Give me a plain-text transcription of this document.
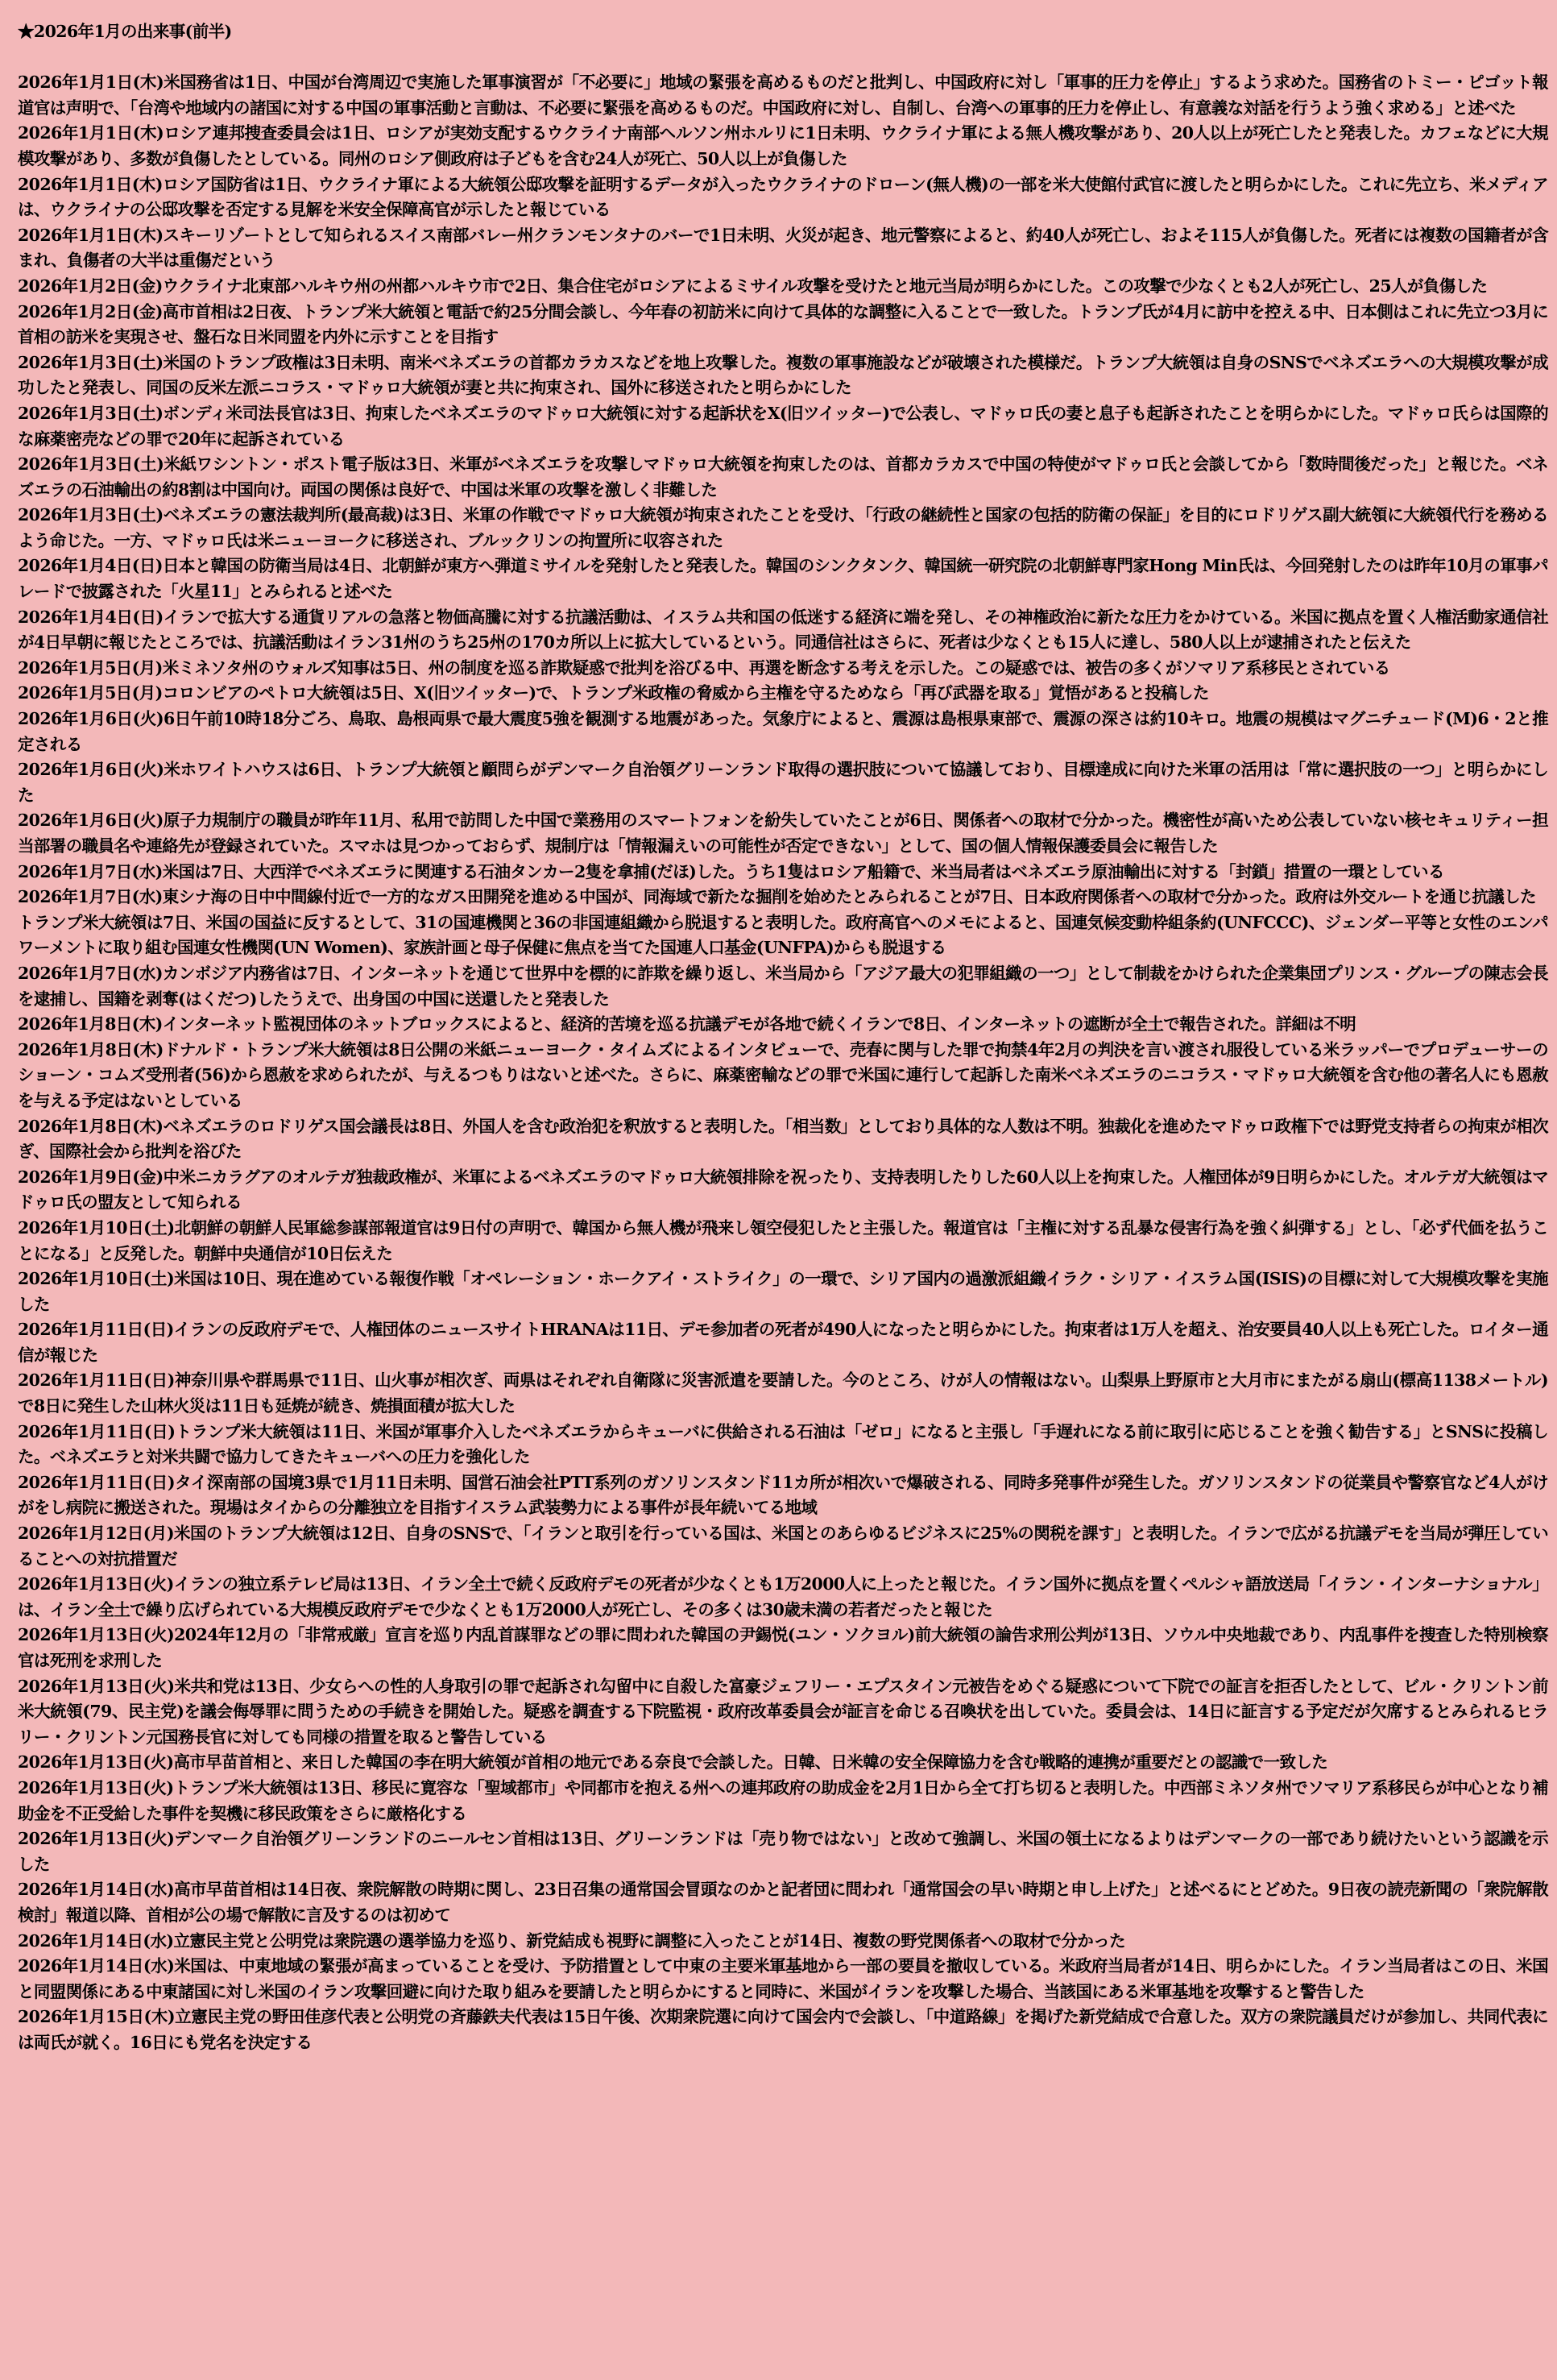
★2026年1月の出来事(前半)
2026年1月1日(木)米国務省は1日、中国が台湾周辺で実施した軍事演習が「不必要に」地域の緊張を高めるものだと批判し、中国政府に対し「軍事的圧力を停止」するよう求めた。国務省のトミー・ピゴット報道官は声明で、「台湾や地域内の諸国に対する中国の軍事活動と言動は、不必要に緊張を高めるものだ。中国政府に対し、自制し、台湾への軍事的圧力を停止し、有意義な対話を行うよう強く求める」と述べた
2026年1月1日(木)ロシア連邦捜査委員会は1日、ロシアが実効支配するウクライナ南部ヘルソン州ホルリに1日未明、ウクライナ軍による無人機攻撃があり、20人以上が死亡したと発表した。カフェなどに大規模攻撃があり、多数が負傷したとしている。同州のロシア側政府は子どもを含む24人が死亡、50人以上が負傷した
2026年1月1日(木)ロシア国防省は1日、ウクライナ軍による大統領公邸攻撃を証明するデータが入ったウクライナのドローン(無人機)の一部を米大使館付武官に渡したと明らかにした。これに先立ち、米メディアは、ウクライナの公邸攻撃を否定する見解を米安全保障高官が示したと報じている
2026年1月1日(木)スキーリゾートとして知られるスイス南部バレー州クランモンタナのバーで1日未明、火災が起き、地元警察によると、約40人が死亡し、およそ115人が負傷した。死者には複数の国籍者が含まれ、負傷者の大半は重傷だという
2026年1月2日(金)ウクライナ北東部ハルキウ州の州都ハルキウ市で2日、集合住宅がロシアによるミサイル攻撃を受けたと地元当局が明らかにした。この攻撃で少なくとも2人が死亡し、25人が負傷した
2026年1月2日(金)高市首相は2日夜、トランプ米大統領と電話で約25分間会談し、今年春の初訪米に向けて具体的な調整に入ることで一致した。トランプ氏が4月に訪中を控える中、日本側はこれに先立つ3月に首相の訪米を実現させ、盤石な日米同盟を内外に示すことを目指す
2026年1月3日(土)米国のトランプ政権は3日未明、南米ベネズエラの首都カラカスなどを地上攻撃した。複数の軍事施設などが破壊された模様だ。トランプ大統領は自身のSNSでベネズエラへの大規模攻撃が成功したと発表し、同国の反米左派ニコラス・マドゥロ大統領が妻と共に拘束され、国外に移送されたと明らかにした
2026年1月3日(土)ボンディ米司法長官は3日、拘束したベネズエラのマドゥロ大統領に対する起訴状をX(旧ツイッター)で公表し、マドゥロ氏の妻と息子も起訴されたことを明らかにした。マドゥロ氏らは国際的な麻薬密売などの罪で20年に起訴されている
2026年1月3日(土)米紙ワシントン・ポスト電子版は3日、米軍がベネズエラを攻撃しマドゥロ大統領を拘束したのは、首都カラカスで中国の特使がマドゥロ氏と会談してから「数時間後だった」と報じた。ベネズエラの石油輸出の約8割は中国向け。両国の関係は良好で、中国は米軍の攻撃を激しく非難した
2026年1月3日(土)ベネズエラの憲法裁判所(最高裁)は3日、米軍の作戦でマドゥロ大統領が拘束されたことを受け、「行政の継続性と国家の包括的防衛の保証」を目的にロドリゲス副大統領に大統領代行を務めるよう命じた。一方、マドゥロ氏は米ニューヨークに移送され、ブルックリンの拘置所に収容された
2026年1月4日(日)日本と韓国の防衛当局は4日、北朝鮮が東方へ弾道ミサイルを発射したと発表した。韓国のシンクタンク、韓国統一研究院の北朝鮮専門家Hong Min氏は、今回発射したのは昨年10月の軍事パレードで披露された「火星11」とみられると述べた
2026年1月4日(日)イランで拡大する通貨リアルの急落と物価高騰に対する抗議活動は、イスラム共和国の低迷する経済に端を発し、その神権政治に新たな圧力をかけている。米国に拠点を置く人権活動家通信社が4日早朝に報じたところでは、抗議活動はイラン31州のうち25州の170カ所以上に拡大しているという。同通信社はさらに、死者は少なくとも15人に達し、580人以上が逮捕されたと伝えた
2026年1月5日(月)米ミネソタ州のウォルズ知事は5日、州の制度を巡る詐欺疑惑で批判を浴びる中、再選を断念する考えを示した。この疑惑では、被告の多くがソマリア系移民とされている
2026年1月5日(月)コロンビアのペトロ大統領は5日、X(旧ツイッター)で、トランプ米政権の脅威から主権を守るためなら「再び武器を取る」覚悟があると投稿した
2026年1月6日(火)6日午前10時18分ごろ、鳥取、島根両県で最大震度5強を観測する地震があった。気象庁によると、震源は島根県東部で、震源の深さは約10キロ。地震の規模はマグニチュード(M)6・2と推定される
2026年1月6日(火)米ホワイトハウスは6日、トランプ大統領と顧問らがデンマーク自治領グリーンランド取得の選択肢について協議しており、目標達成に向けた米軍の活用は「常に選択肢の一つ」と明らかにした
2026年1月6日(火)原子力規制庁の職員が昨年11月、私用で訪問した中国で業務用のスマートフォンを紛失していたことが6日、関係者への取材で分かった。機密性が高いため公表していない核セキュリティー担当部署の職員名や連絡先が登録されていた。スマホは見つかっておらず、規制庁は「情報漏えいの可能性が否定できない」として、国の個人情報保護委員会に報告した
2026年1月7日(水)米国は7日、大西洋でベネズエラに関連する石油タンカー2隻を拿捕(だほ)した。うち1隻はロシア船籍で、米当局者はベネズエラ原油輸出に対する「封鎖」措置の一環としている
2026年1月7日(水)東シナ海の日中中間線付近で一方的なガス田開発を進める中国が、同海域で新たな掘削を始めたとみられることが7日、日本政府関係者への取材で分かった。政府は外交ルートを通じ抗議した
トランプ米大統領は7日、米国の国益に反するとして、31の国連機関と36の非国連組織から脱退すると表明した。政府高官へのメモによると、国連気候変動枠組条約(UNFCCC)、ジェンダー平等と女性のエンパワーメントに取り組む国連女性機関(UN Women)、家族計画と母子保健に焦点を当てた国連人口基金(UNFPA)からも脱退する
2026年1月7日(水)カンボジア内務省は7日、インターネットを通じて世界中を標的に詐欺を繰り返し、米当局から「アジア最大の犯罪組織の一つ」として制裁をかけられた企業集団プリンス・グループの陳志会長を逮捕し、国籍を剥奪(はくだつ)したうえで、出身国の中国に送還したと発表した
2026年1月8日(木)インターネット監視団体のネットブロックスによると、経済的苦境を巡る抗議デモが各地で続くイランで8日、インターネットの遮断が全土で報告された。詳細は不明
2026年1月8日(木)ドナルド・トランプ米大統領は8日公開の米紙ニューヨーク・タイムズによるインタビューで、売春に関与した罪で拘禁4年2月の判決を言い渡され服役している米ラッパーでプロデューサーのショーン・コムズ受刑者(56)から恩赦を求められたが、与えるつもりはないと述べた。さらに、麻薬密輸などの罪で米国に連行して起訴した南米ベネズエラのニコラス・マドゥロ大統領を含む他の著名人にも恩赦を与える予定はないとしている
2026年1月8日(木)ベネズエラのロドリゲス国会議長は8日、外国人を含む政治犯を釈放すると表明した。「相当数」としており具体的な人数は不明。独裁化を進めたマドゥロ政権下では野党支持者らの拘束が相次ぎ、国際社会から批判を浴びた
2026年1月9日(金)中米ニカラグアのオルテガ独裁政権が、米軍によるベネズエラのマドゥロ大統領排除を祝ったり、支持表明したりした60人以上を拘束した。人権団体が9日明らかにした。オルテガ大統領はマドゥロ氏の盟友として知られる
2026年1月10日(土)北朝鮮の朝鮮人民軍総参謀部報道官は9日付の声明で、韓国から無人機が飛来し領空侵犯したと主張した。報道官は「主権に対する乱暴な侵害行為を強く糾弾する」とし、「必ず代価を払うことになる」と反発した。朝鮮中央通信が10日伝えた
2026年1月10日(土)米国は10日、現在進めている報復作戦「オペレーション・ホークアイ・ストライク」の一環で、シリア国内の過激派組織イラク・シリア・イスラム国(ISIS)の目標に対して大規模攻撃を実施した
2026年1月11日(日)イランの反政府デモで、人権団体のニュースサイトHRANAは11日、デモ参加者の死者が490人になったと明らかにした。拘束者は1万人を超え、治安要員40人以上も死亡した。ロイター通信が報じた
2026年1月11日(日)神奈川県や群馬県で11日、山火事が相次ぎ、両県はそれぞれ自衛隊に災害派遣を要請した。今のところ、けが人の情報はない。山梨県上野原市と大月市にまたがる扇山(標高1138メートル)で8日に発生した山林火災は11日も延焼が続き、焼損面積が拡大した
2026年1月11日(日)トランプ米大統領は11日、米国が軍事介入したベネズエラからキューバに供給される石油は「ゼロ」になると主張し「手遅れになる前に取引に応じることを強く勧告する」とSNSに投稿した。ベネズエラと対米共闘で協力してきたキューバへの圧力を強化した
2026年1月11日(日)タイ深南部の国境3県で1月11日未明、国営石油会社PTT系列のガソリンスタンド11カ所が相次いで爆破される、同時多発事件が発生した。ガソリンスタンドの従業員や警察官など4人がけがをし病院に搬送された。現場はタイからの分離独立を目指すイスラム武装勢力による事件が長年続いてる地域
2026年1月12日(月)米国のトランプ大統領は12日、自身のSNSで、「イランと取引を行っている国は、米国とのあらゆるビジネスに25%の関税を課す」と表明した。イランで広がる抗議デモを当局が弾圧していることへの対抗措置だ
2026年1月13日(火)イランの独立系テレビ局は13日、イラン全土で続く反政府デモの死者が少なくとも1万2000人に上ったと報じた。イラン国外に拠点を置くペルシャ語放送局「イラン・インターナショナル」は、イラン全土で繰り広げられている大規模反政府デモで少なくとも1万2000人が死亡し、その多くは30歳未満の若者だったと報じた
2026年1月13日(火)2024年12月の「非常戒厳」宣言を巡り内乱首謀罪などの罪に問われた韓国の尹錫悦(ユン・ソクヨル)前大統領の論告求刑公判が13日、ソウル中央地裁であり、内乱事件を捜査した特別検察官は死刑を求刑した
2026年1月13日(火)米共和党は13日、少女らへの性的人身取引の罪で起訴され勾留中に自殺した富豪ジェフリー・エプスタイン元被告をめぐる疑惑について下院での証言を拒否したとして、ビル・クリントン前米大統領(79、民主党)を議会侮辱罪に問うための手続きを開始した。疑惑を調査する下院監視・政府改革委員会が証言を命じる召喚状を出していた。委員会は、14日に証言する予定だが欠席するとみられるヒラリー・クリントン元国務長官に対しても同様の措置を取ると警告している
2026年1月13日(火)高市早苗首相と、来日した韓国の李在明大統領が首相の地元である奈良で会談した。日韓、日米韓の安全保障協力を含む戦略的連携が重要だとの認識で一致した
2026年1月13日(火)トランプ米大統領は13日、移民に寛容な「聖域都市」や同都市を抱える州への連邦政府の助成金を2月1日から全て打ち切ると表明した。中西部ミネソタ州でソマリア系移民らが中心となり補助金を不正受給した事件を契機に移民政策をさらに厳格化する
2026年1月13日(火)デンマーク自治領グリーンランドのニールセン首相は13日、グリーンランドは「売り物ではない」と改めて強調し、米国の領土になるよりはデンマークの一部であり続けたいという認識を示した
2026年1月14日(水)高市早苗首相は14日夜、衆院解散の時期に関し、23日召集の通常国会冒頭なのかと記者団に問われ「通常国会の早い時期と申し上げた」と述べるにとどめた。9日夜の読売新聞の「衆院解散検討」報道以降、首相が公の場で解散に言及するのは初めて
2026年1月14日(水)立憲民主党と公明党は衆院選の選挙協力を巡り、新党結成も視野に調整に入ったことが14日、複数の野党関係者への取材で分かった
2026年1月14日(水)米国は、中東地域の緊張が高まっていることを受け、予防措置として中東の主要米軍基地から一部の要員を撤収している。米政府当局者が14日、明らかにした。イラン当局者はこの日、米国と同盟関係にある中東諸国に対し米国のイラン攻撃回避に向けた取り組みを要請したと明らかにすると同時に、米国がイランを攻撃した場合、当該国にある米軍基地を攻撃すると警告した
2026年1月15日(木)立憲民主党の野田佳彦代表と公明党の斉藤鉄夫代表は15日午後、次期衆院選に向けて国会内で会談し、「中道路線」を掲げた新党結成で合意した。双方の衆院議員だけが参加し、共同代表には両氏が就く。16日にも党名を決定する
